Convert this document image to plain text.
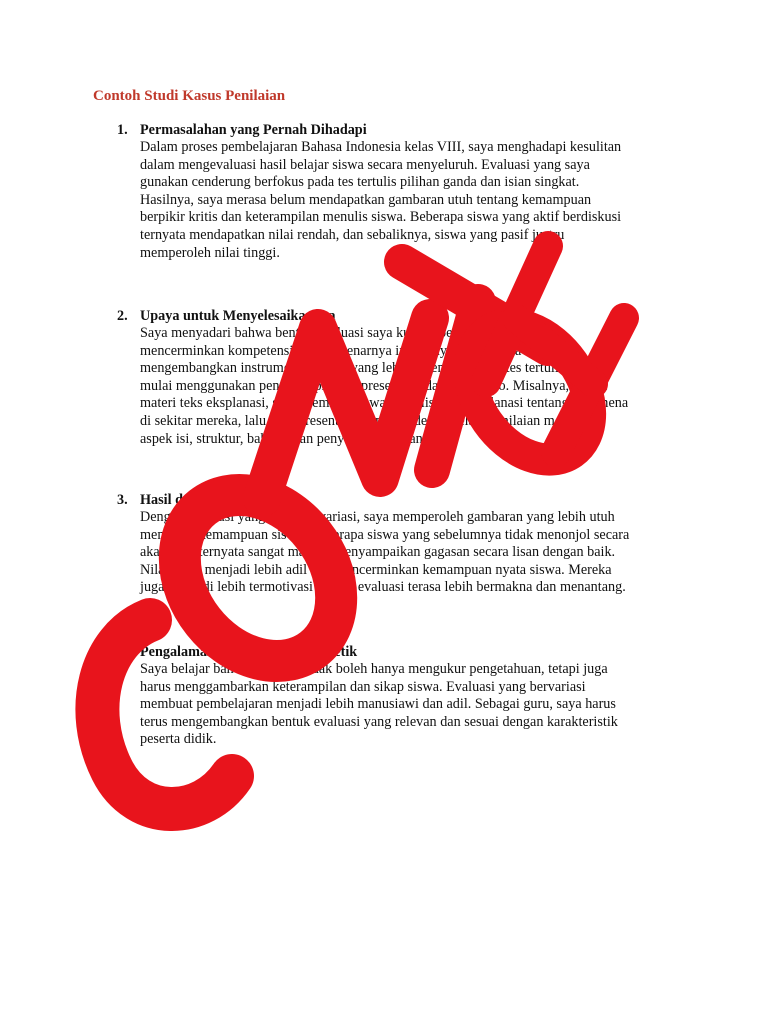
Contoh Studi Kasus Penilaian
1. Permasalahan yang Pernah Dihadapi
Dalam proses pembelajaran Bahasa Indonesia kelas VIII, saya menghadapi kesulitan
dalam mengevaluasi hasil belajar siswa secara menyeluruh. Evaluasi yang saya
gunakan cenderung berfokus pada tes tertulis pilihan ganda dan isian singkat.
Hasilnya, saya merasa belum mendapatkan gambaran utuh tentang kemampuan
berpikir kritis dan keterampilan menulis siswa. Beberapa siswa yang aktif berdiskusi
ternyata mendapatkan nilai rendah, dan sebaliknya, siswa yang pasif justru
memperoleh nilai tinggi.
2. Upaya untuk Menyelesaikannya
Saya menyadari bahwa bentuk evaluasi saya kurang beragam dan tidak
mencerminkan kompetensi yang sebenarnya ingin saya capai. Saya kemudian
mengembangkan instrumen evaluasi yang lebih autentik. Selain tes tertulis, saya
mulai menggunakan penilaian proyek, presentasi, dan portofolio. Misalnya, dalam
materi teks eksplanasi, saya meminta siswa menulis teks eksplanasi tentang fenomena
di sekitar mereka, lalu mempresentasikannya di depan kelas. Penilaian mencakup
aspek isi, struktur, bahasa, dan penyampaian lisan.
3. Hasil dari Upaya Tersebut
Dengan evaluasi yang lebih bervariasi, saya memperoleh gambaran yang lebih utuh
mengenai kemampuan siswa. Beberapa siswa yang sebelumnya tidak menonjol secara
akademik ternyata sangat mampu menyampaikan gagasan secara lisan dengan baik.
Nilai akhir menjadi lebih adil dan mencerminkan kemampuan nyata siswa. Mereka
juga menjadi lebih termotivasi karena evaluasi terasa lebih bermakna dan menantang.
4. Pengalaman Berharga yang Dipetik
Saya belajar bahwa evaluasi tidak boleh hanya mengukur pengetahuan, tetapi juga
harus menggambarkan keterampilan dan sikap siswa. Evaluasi yang bervariasi
membuat pembelajaran menjadi lebih manusiawi dan adil. Sebagai guru, saya harus
terus mengembangkan bentuk evaluasi yang relevan dan sesuai dengan karakteristik
peserta didik.
